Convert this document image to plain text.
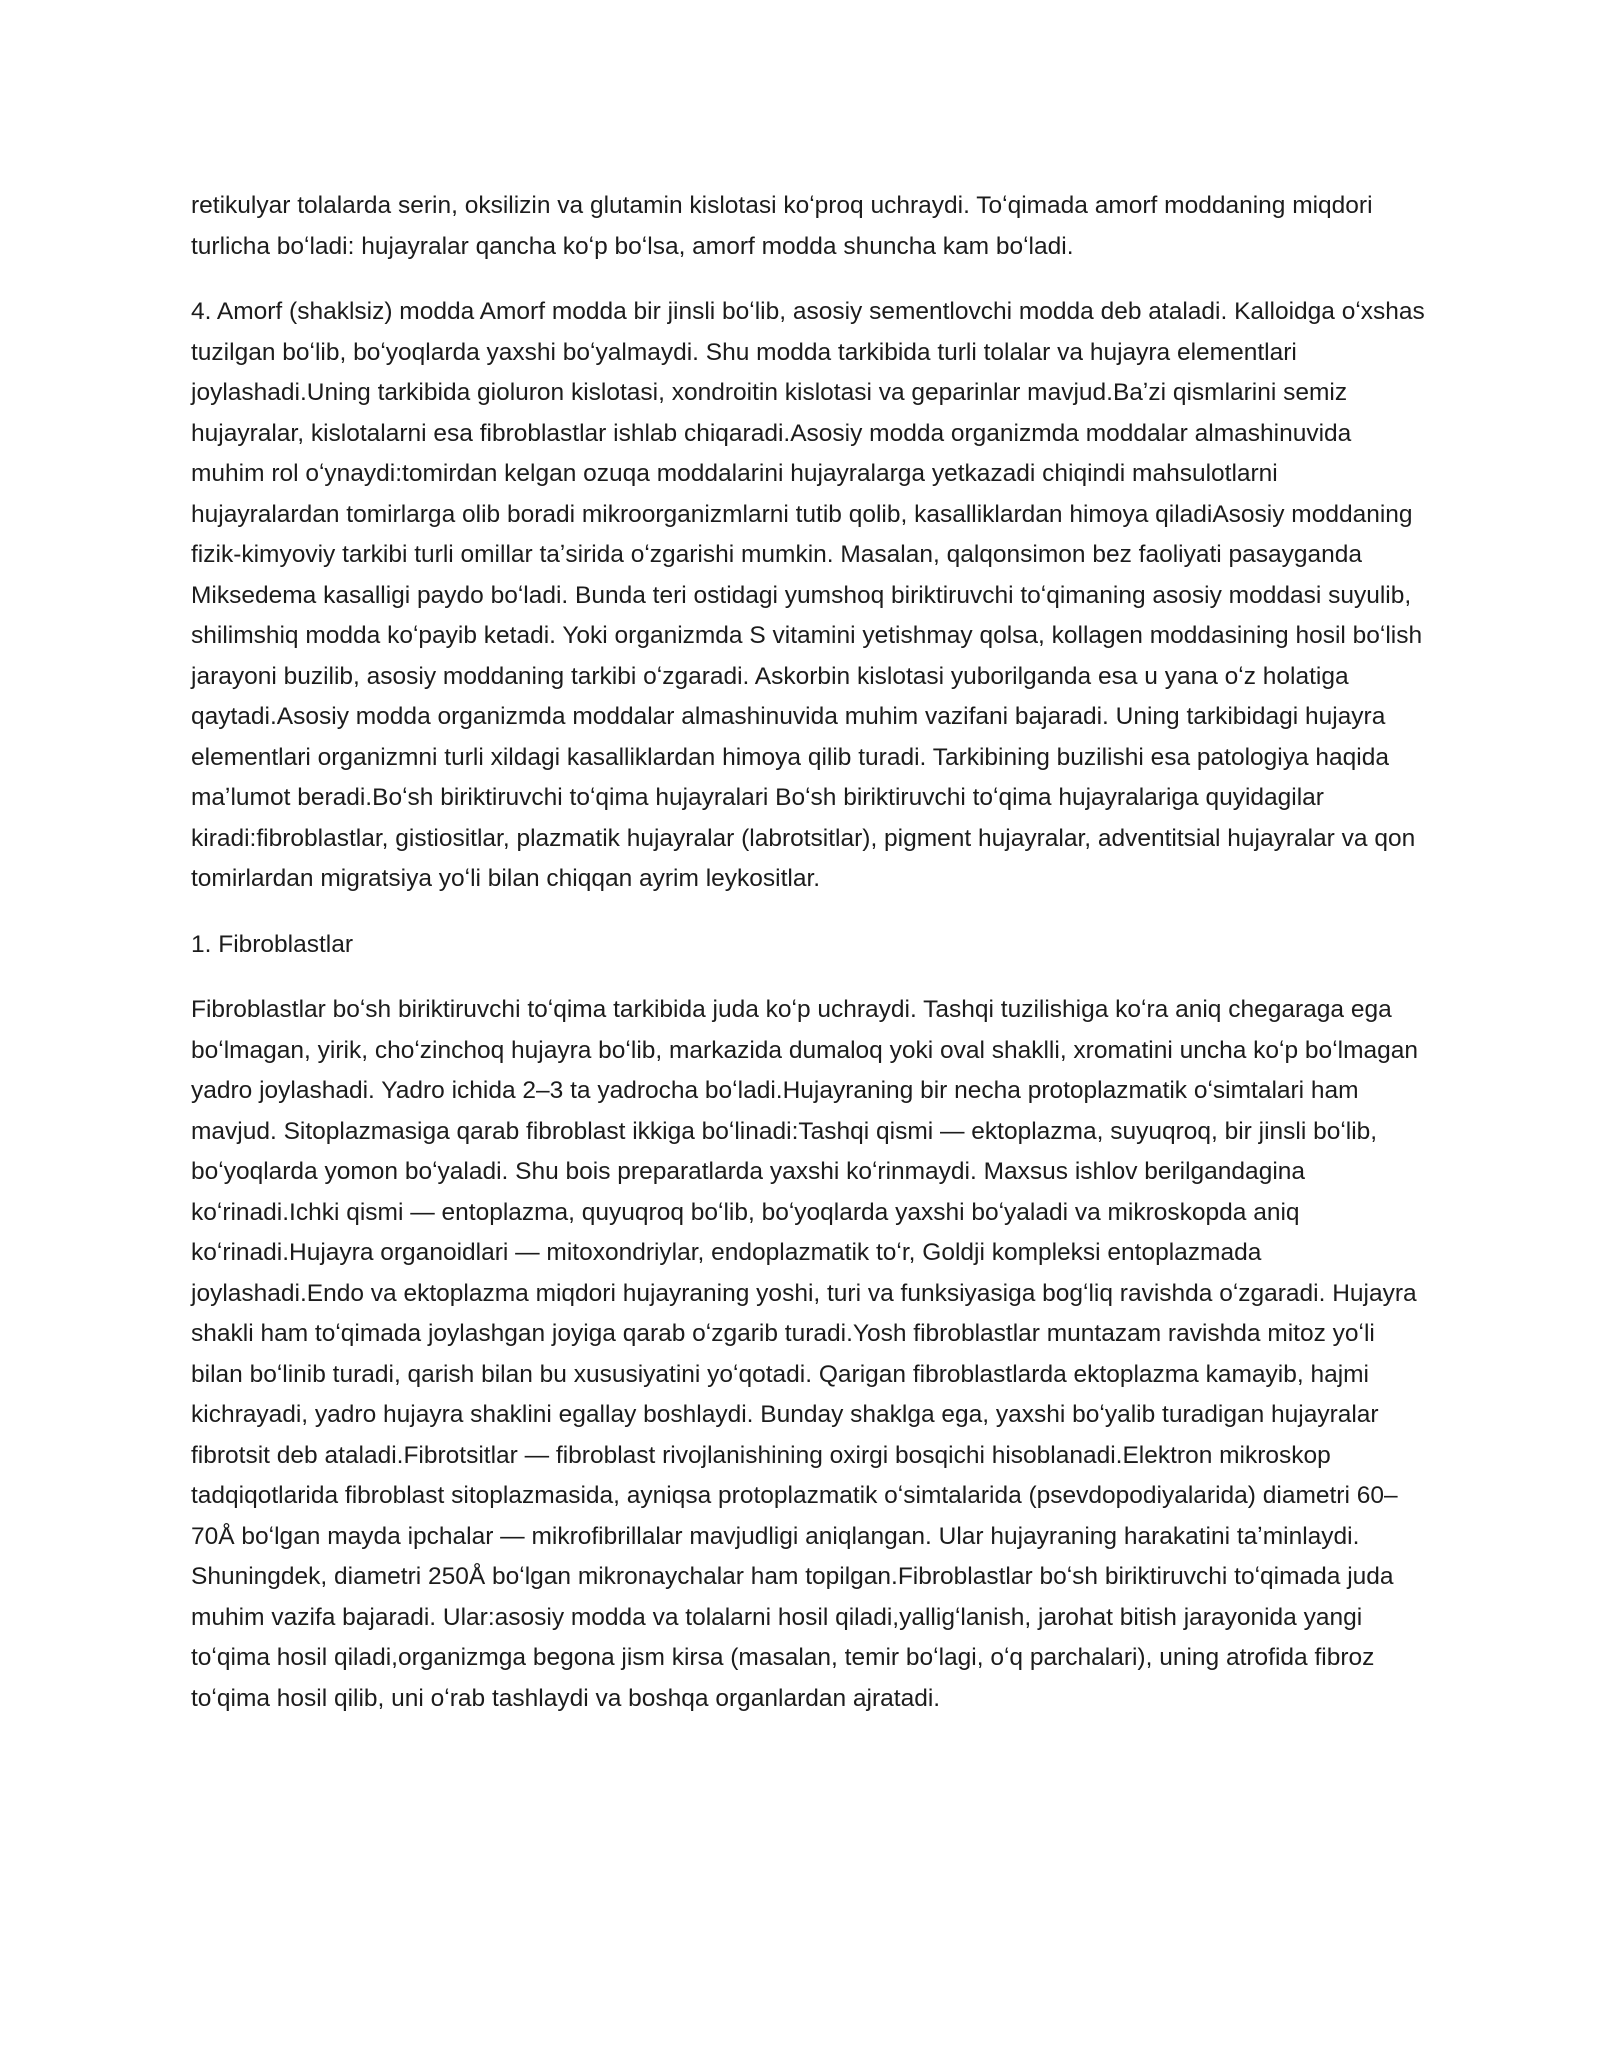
retikulyar tolalarda serin, oksilizin va glutamin kislotasi koʻproq uchraydi. Toʻqimada amorf moddaning miqdori turlicha boʻladi: hujayralar qancha koʻp boʻlsa, amorf modda shuncha kam boʻladi.

4. Amorf (shaklsiz) modda Amorf modda bir jinsli boʻlib, asosiy sementlovchi modda deb ataladi. Kalloidga oʻxshas tuzilgan boʻlib, boʻyoqlarda yaxshi boʻyalmaydi. Shu modda tarkibida turli tolalar va hujayra elementlari joylashadi.Uning tarkibida gioluron kislotasi, xondroitin kislotasi va geparinlar mavjud.Baʼzi qismlarini semiz hujayralar, kislotalarni esa fibroblastlar ishlab chiqaradi.Asosiy modda organizmda moddalar almashinuvida muhim rol oʻynaydi:tomirdan kelgan ozuqa moddalarini hujayralarga yetkazadi chiqindi mahsulotlarni hujayralardan tomirlarga olib boradi mikroorganizmlarni tutib qolib, kasalliklardan himoya qiladiAsosiy moddaning fizik-kimyoviy tarkibi turli omillar taʼsirida oʻzgarishi mumkin. Masalan, qalqonsimon bez faoliyati pasayganda Miksedema kasalligi paydo boʻladi. Bunda teri ostidagi yumshoq biriktiruvchi toʻqimaning asosiy moddasi suyulib, shilimshiq modda koʻpayib ketadi. Yoki organizmda S vitamini yetishmay qolsa, kollagen moddasining hosil boʻlish jarayoni buzilib, asosiy moddaning tarkibi oʻzgaradi. Askorbin kislotasi yuborilganda esa u yana oʻz holatiga qaytadi.Asosiy modda organizmda moddalar almashinuvida muhim vazifani bajaradi. Uning tarkibidagi hujayra elementlari organizmni turli xildagi kasalliklardan himoya qilib turadi. Tarkibining buzilishi esa patologiya haqida maʼlumot beradi.Boʻsh biriktiruvchi toʻqima hujayralari Boʻsh biriktiruvchi toʻqima hujayralariga quyidagilar kiradi:fibroblastlar, gistiositlar, plazmatik hujayralar (labrotsitlar), pigment hujayralar, adventitsial hujayralar va qon tomirlardan migratsiya yoʻli bilan chiqqan ayrim leykositlar.

1. Fibroblastlar

Fibroblastlar boʻsh biriktiruvchi toʻqima tarkibida juda koʻp uchraydi. Tashqi tuzilishiga koʻra aniq chegaraga ega boʻlmagan, yirik, choʻzinchoq hujayra boʻlib, markazida dumaloq yoki oval shaklli, xromatini uncha koʻp boʻlmagan yadro joylashadi. Yadro ichida 2–3 ta yadrocha boʻladi.Hujayraning bir necha protoplazmatik oʻsimtalari ham mavjud. Sitoplazmasiga qarab fibroblast ikkiga boʻlinadi:Tashqi qismi — ektoplazma, suyuqroq, bir jinsli boʻlib, boʻyoqlarda yomon boʻyaladi. Shu bois preparatlarda yaxshi koʻrinmaydi. Maxsus ishlov berilgandagina koʻrinadi.Ichki qismi — entoplazma, quyuqroq boʻlib, boʻyoqlarda yaxshi boʻyaladi va mikroskopda aniq koʻrinadi.Hujayra organoidlari — mitoxondriylar, endoplazmatik toʻr, Goldji kompleksi entoplazmada joylashadi.Endo va ektoplazma miqdori hujayraning yoshi, turi va funksiyasiga bogʻliq ravishda oʻzgaradi. Hujayra shakli ham toʻqimada joylashgan joyiga qarab oʻzgarib turadi.Yosh fibroblastlar muntazam ravishda mitoz yoʻli bilan boʻlinib turadi, qarish bilan bu xususiyatini yoʻqotadi. Qarigan fibroblastlarda ektoplazma kamayib, hajmi kichrayadi, yadro hujayra shaklini egallay boshlaydi. Bunday shaklga ega, yaxshi boʻyalib turadigan hujayralar fibrotsit deb ataladi.Fibrotsitlar — fibroblast rivojlanishining oxirgi bosqichi hisoblanadi.Elektron mikroskop tadqiqotlarida fibroblast sitoplazmasida, ayniqsa protoplazmatik oʻsimtalarida (psevdopodiyalarida) diametri 60–70Å boʻlgan mayda ipchalar — mikrofibrillalar mavjudligi aniqlangan. Ular hujayraning harakatini taʼminlaydi. Shuningdek, diametri 250Å boʻlgan mikronaychalar ham topilgan.Fibroblastlar boʻsh biriktiruvchi toʻqimada juda muhim vazifa bajaradi. Ular:asosiy modda va tolalarni hosil qiladi,yalligʻlanish, jarohat bitish jarayonida yangi toʻqima hosil qiladi,organizmga begona jism kirsa (masalan, temir boʻlagi, oʻq parchalari), uning atrofida fibroz toʻqima hosil qilib, uni oʻrab tashlaydi va boshqa organlardan ajratadi.
